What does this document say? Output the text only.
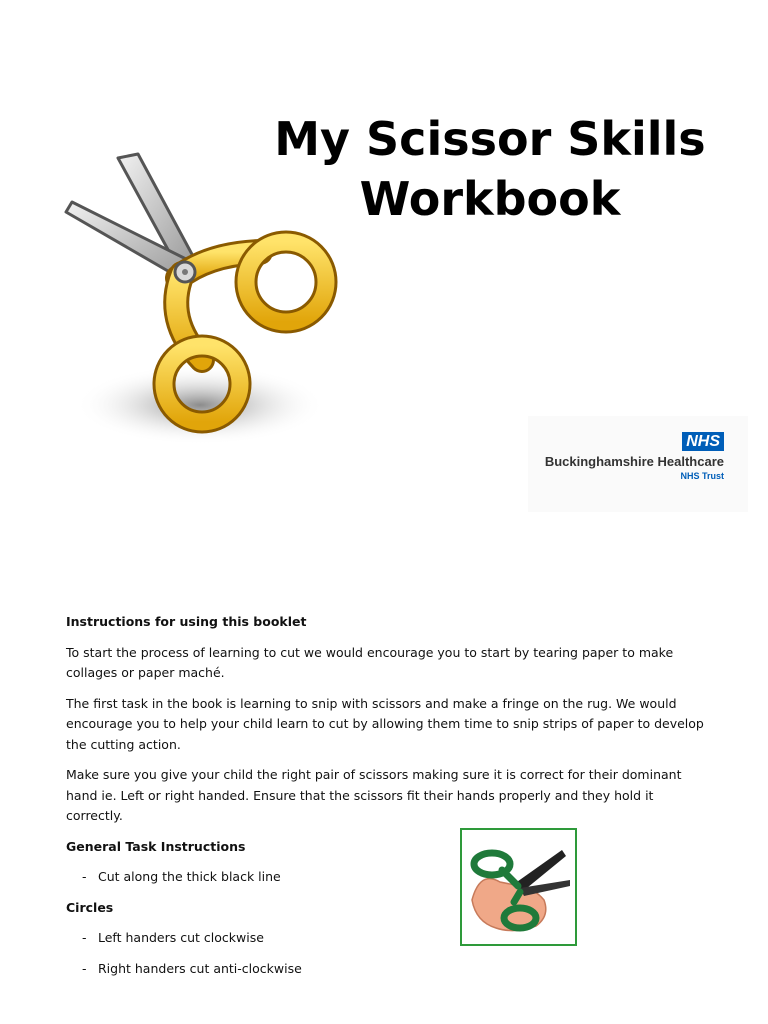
My Scissor Skills
Workbook
NHS
Buckinghamshire Healthcare
NHS Trust
Instructions for using this booklet

To start the process of learning to cut we would encourage you to start by tearing paper to make collages or paper maché.

The first task in the book is learning to snip with scissors and make a fringe on the rug. We would encourage you to help your child learn to cut by allowing them time to snip strips of paper to develop the cutting action.

Make sure you give your child the right pair of scissors making sure it is correct for their dominant hand ie. Left or right handed. Ensure that the scissors fit their hands properly and they hold it correctly.

General Task Instructions
- Cut along the thick black line
Circles
- Left handers cut clockwise
- Right handers cut anti-clockwise
